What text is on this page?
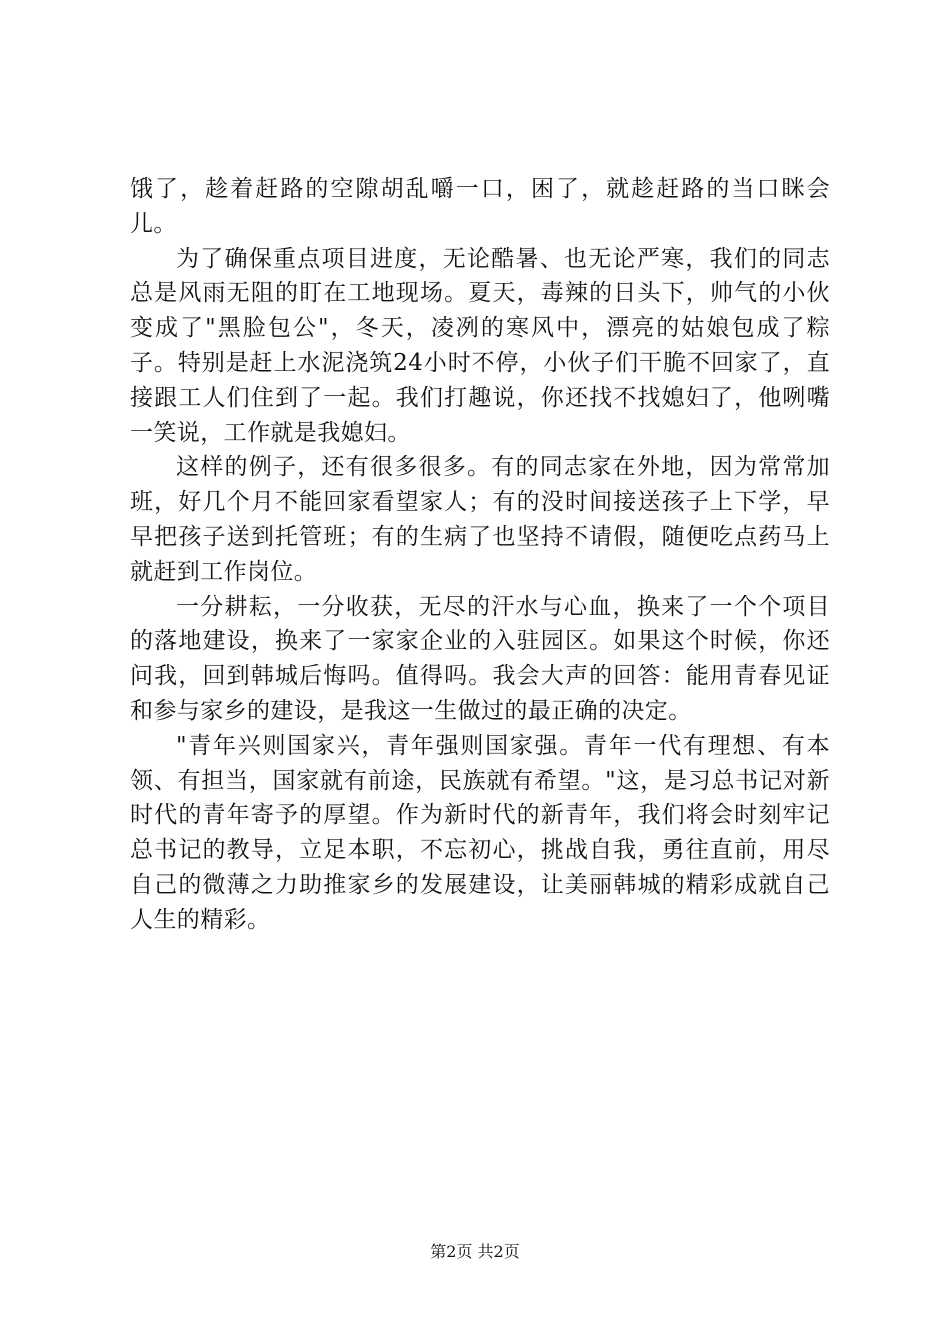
饿了，趁着赶路的空隙胡乱嚼一口，困了，就趁赶路的当口眯会儿。

为了确保重点项目进度，无论酷暑、也无论严寒，我们的同志总是风雨无阻的盯在工地现场。夏天，毒辣的日头下，帅气的小伙变成了"黑脸包公"，冬天，凌冽的寒风中，漂亮的姑娘包成了粽子。特别是赶上水泥浇筑24小时不停，小伙子们干脆不回家了，直接跟工人们住到了一起。我们打趣说，你还找不找媳妇了，他咧嘴一笑说，工作就是我媳妇。

这样的例子，还有很多很多。有的同志家在外地，因为常常加班，好几个月不能回家看望家人；有的没时间接送孩子上下学，早早把孩子送到托管班；有的生病了也坚持不请假，随便吃点药马上就赶到工作岗位。

一分耕耘，一分收获，无尽的汗水与心血，换来了一个个项目的落地建设，换来了一家家企业的入驻园区。如果这个时候，你还问我，回到韩城后悔吗。值得吗。我会大声的回答：能用青春见证和参与家乡的建设，是我这一生做过的最正确的决定。

"青年兴则国家兴，青年强则国家强。青年一代有理想、有本领、有担当，国家就有前途，民族就有希望。"这，是习总书记对新时代的青年寄予的厚望。作为新时代的新青年，我们将会时刻牢记总书记的教导，立足本职，不忘初心，挑战自我，勇往直前，用尽自己的微薄之力助推家乡的发展建设，让美丽韩城的精彩成就自己人生的精彩。

第2页 共2页
